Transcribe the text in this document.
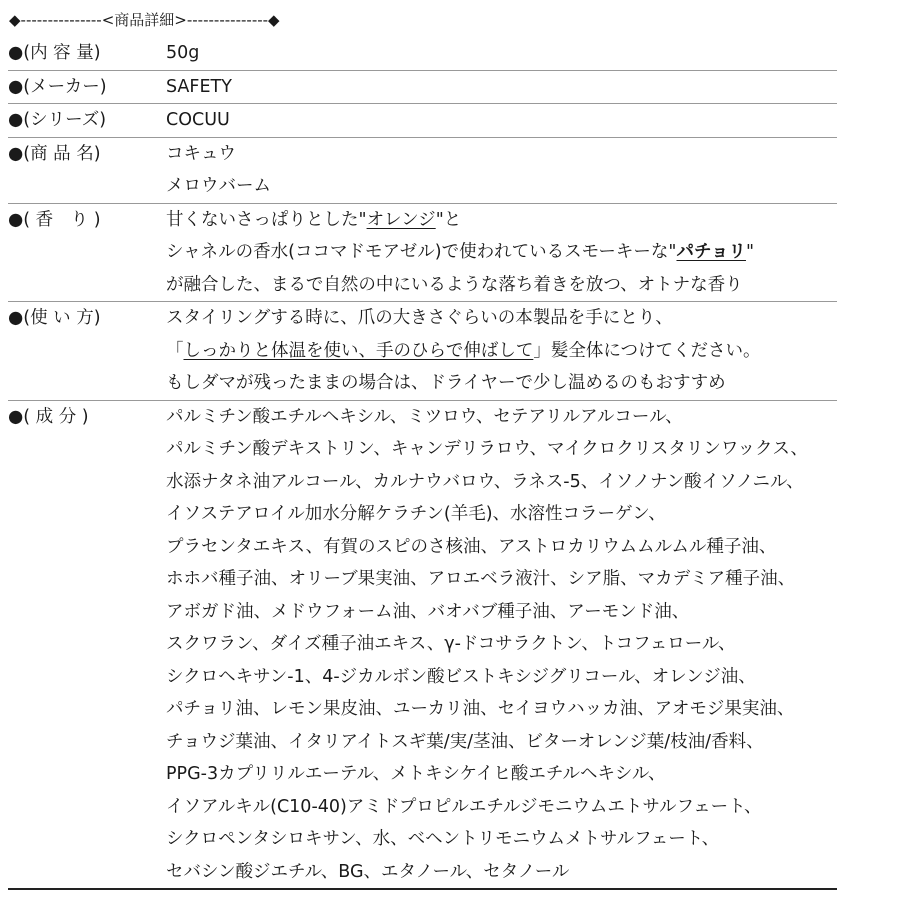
◆---------------<商品詳細>---------------◆
●(内 容 量)	50g
●(メーカー)	SAFETY
●(シリーズ)	COCUU
●(商 品 名)	コキュウ
メロウバーム
●( 香　り )	甘くないさっぱりとした"オレンジ"と
シャネルの香水(ココマドモアゼル)で使われているスモーキーな"パチョリ"
が融合した、まるで自然の中にいるような落ち着きを放つ、オトナな香り
●(使 い 方)	スタイリングする時に、爪の大きさぐらいの本製品を手にとり、
「しっかりと体温を使い、手のひらで伸ばして」髪全体につけてください。
もしダマが残ったままの場合は、ドライヤーで少し温めるのもおすすめ
●( 成 分 )	パルミチン酸エチルヘキシル、ミツロウ、セテアリルアルコール、
パルミチン酸デキストリン、キャンデリラロウ、マイクロクリスタリンワックス、
水添ナタネ油アルコール、カルナウバロウ、ラネス-5、イソノナン酸イソノニル、
イソステアロイル加水分解ケラチン(羊毛)、水溶性コラーゲン、
プラセンタエキス、有賀のスピのさ核油、アストロカリウムムルムル種子油、
ホホバ種子油、オリーブ果実油、アロエベラ液汁、シア脂、マカデミア種子油、
アボガド油、メドウフォーム油、バオバブ種子油、アーモンド油、
スクワラン、ダイズ種子油エキス、γ-ドコサラクトン、トコフェロール、
シクロヘキサン-1、4-ジカルボン酸ビストキシジグリコール、オレンジ油、
パチョリ油、レモン果皮油、ユーカリ油、セイヨウハッカ油、アオモジ果実油、
チョウジ葉油、イタリアイトスギ葉/実/茎油、ビターオレンジ葉/枝油/香料、
PPG-3カプリリルエーテル、メトキシケイヒ酸エチルヘキシル、
イソアルキル(C10-40)アミドプロピルエチルジモニウムエトサルフェート、
シクロペンタシロキサン、水、ベヘントリモニウムメトサルフェート、
セバシン酸ジエチル、BG、エタノール、セタノール
